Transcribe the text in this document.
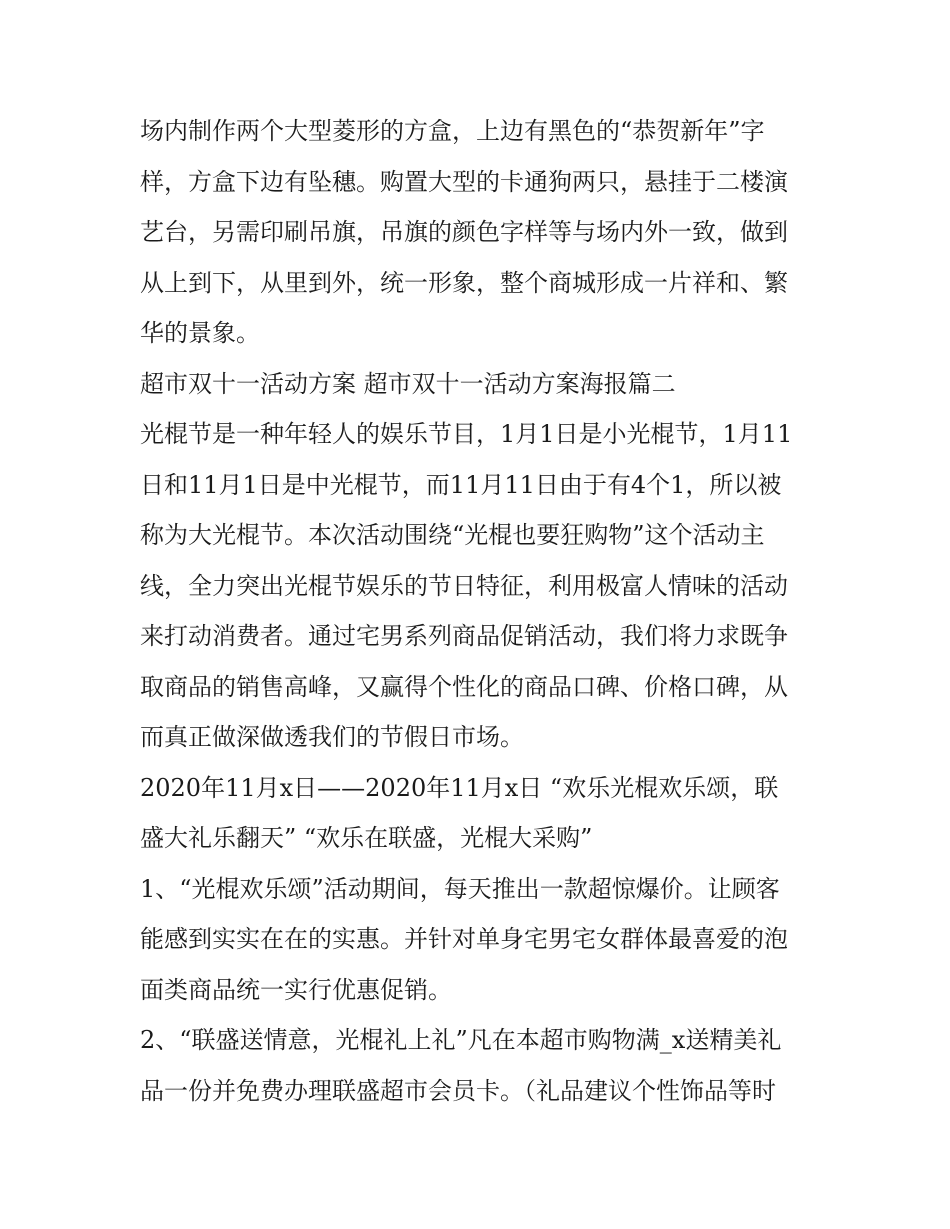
场内制作两个大型菱形的方盒，上边有黑色的“恭贺新年”字
样，方盒下边有坠穗。购置大型的卡通狗两只，悬挂于二楼演
艺台，另需印刷吊旗，吊旗的颜色字样等与场内外一致，做到
从上到下，从里到外，统一形象，整个商城形成一片祥和、繁
华的景象。
超市双十一活动方案 超市双十一活动方案海报篇二
光棍节是一种年轻人的娱乐节目，1月1日是小光棍节，1月11
日和11月1日是中光棍节，而11月11日由于有4个1，所以被
称为大光棍节。本次活动围绕“光棍也要狂购物”这个活动主
线，全力突出光棍节娱乐的节日特征，利用极富人情味的活动
来打动消费者。通过宅男系列商品促销活动，我们将力求既争
取商品的销售高峰，又赢得个性化的商品口碑、价格口碑，从
而真正做深做透我们的节假日市场。
2020年11月x日——2020年11月x日 “欢乐光棍欢乐颂，联
盛大礼乐翻天” “欢乐在联盛，光棍大采购”
1、“光棍欢乐颂”活动期间，每天推出一款超惊爆价。让顾客
能感到实实在在的实惠。并针对单身宅男宅女群体最喜爱的泡
面类商品统一实行优惠促销。
2、“联盛送情意，光棍礼上礼”凡在本超市购物满_x送精美礼
品一份并免费办理联盛超市会员卡。（礼品建议个性饰品等时
